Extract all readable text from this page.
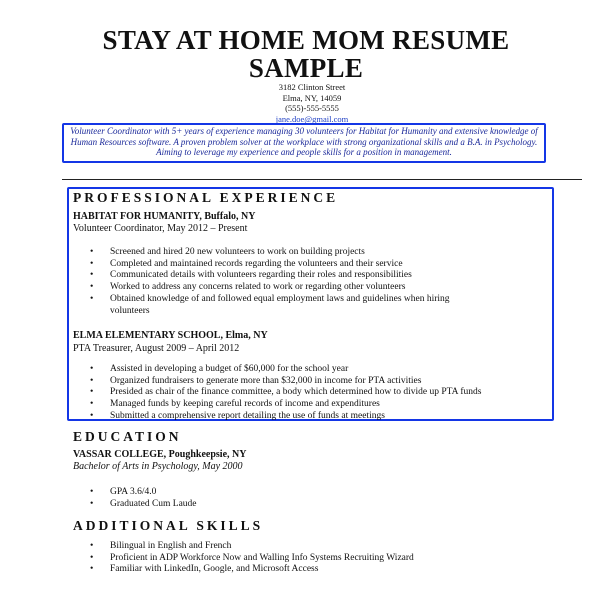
STAY AT HOME MOM RESUME
SAMPLE
3182 Clinton Street
Elma, NY, 14059
(555)-555-5555
jane.doe@gmail.com
Volunteer Coordinator with 5+ years of experience managing 30 volunteers for Habitat for Humanity and extensive knowledge of Human Resources software. A proven problem solver at the workplace with strong organizational skills and a B.A. in Psychology. Aiming to leverage my experience and people skills for a position in management.
PROFESSIONAL EXPERIENCE
HABITAT FOR HUMANITY, Buffalo, NY
Volunteer Coordinator, May 2012 – Present
• Screened and hired 20 new volunteers to work on building projects
• Completed and maintained records regarding the volunteers and their service
• Communicated details with volunteers regarding their roles and responsibilities
• Worked to address any concerns related to work or regarding other volunteers
• Obtained knowledge of and followed equal employment laws and guidelines when hiring volunteers
ELMA ELEMENTARY SCHOOL, Elma, NY
PTA Treasurer, August 2009 – April 2012
• Assisted in developing a budget of $60,000 for the school year
• Organized fundraisers to generate more than $32,000 in income for PTA activities
• Presided as chair of the finance committee, a body which determined how to divide up PTA funds
• Managed funds by keeping careful records of income and expenditures
• Submitted a comprehensive report detailing the use of funds at meetings
EDUCATION
VASSAR COLLEGE, Poughkeepsie, NY
Bachelor of Arts in Psychology, May 2000
• GPA 3.6/4.0
• Graduated Cum Laude
ADDITIONAL SKILLS
• Bilingual in English and French
• Proficient in ADP Workforce Now and Walling Info Systems Recruiting Wizard
• Familiar with LinkedIn, Google, and Microsoft Access
